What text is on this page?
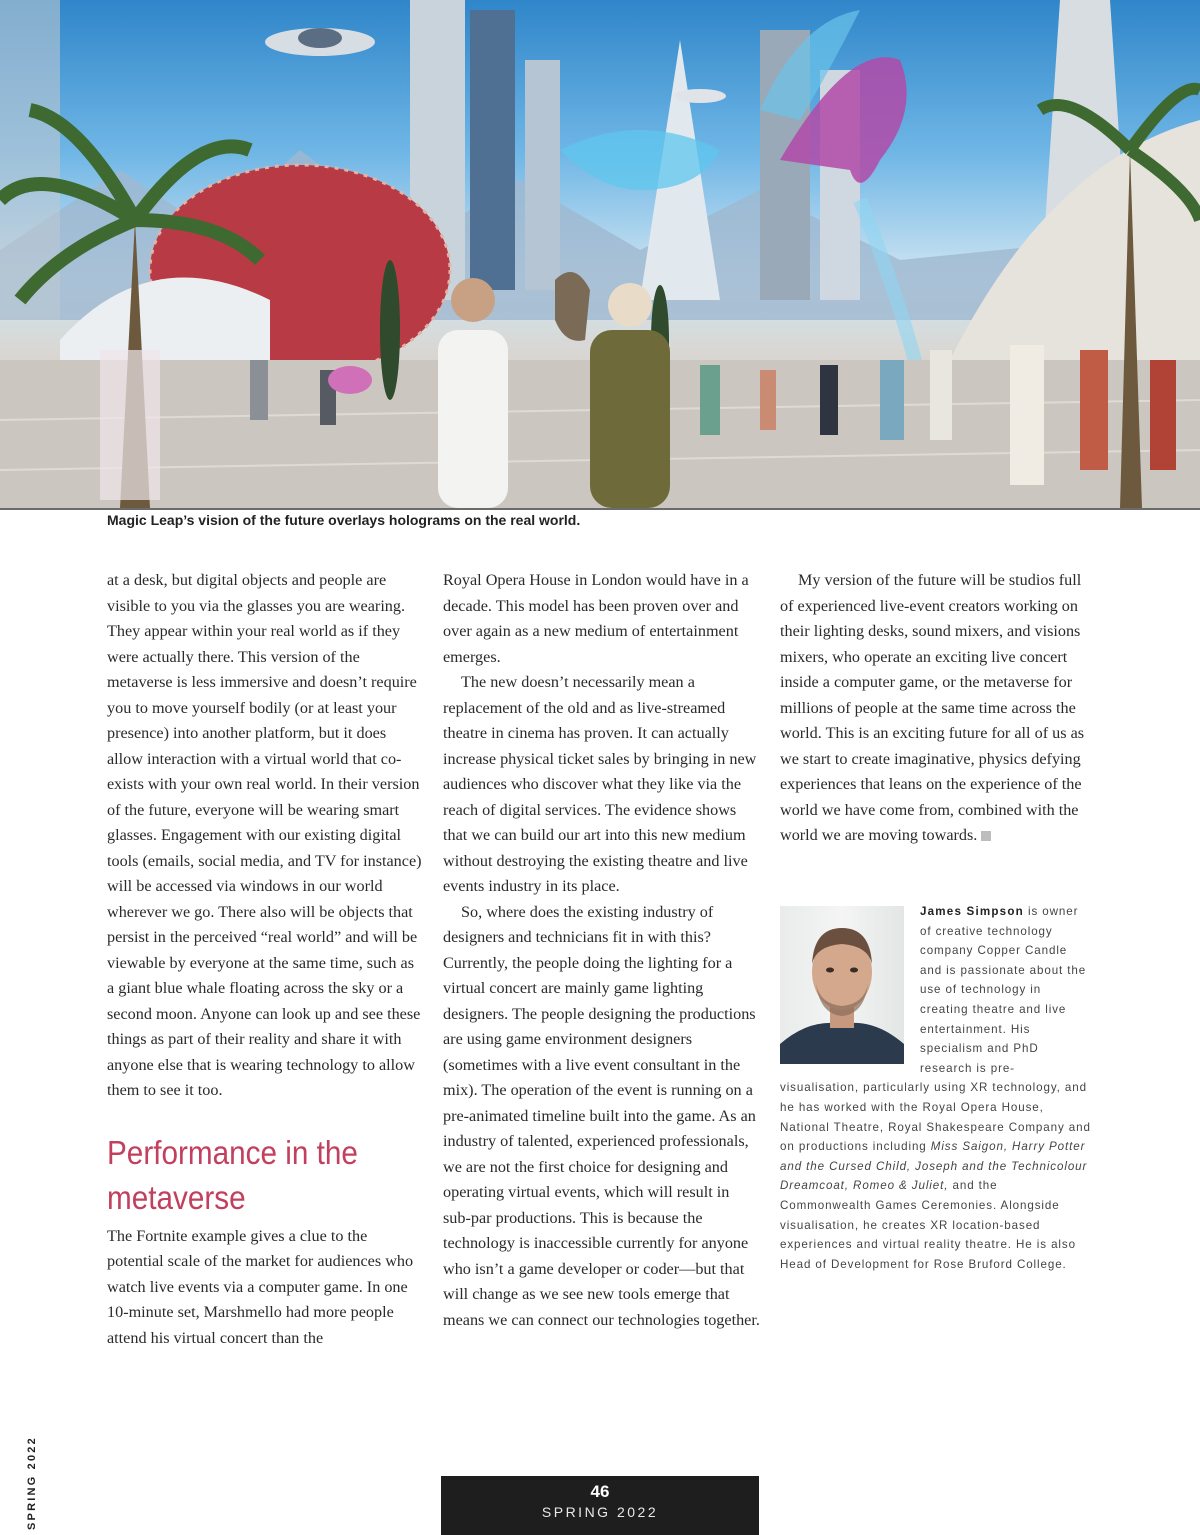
Magic Leap’s vision of the future overlays holograms on the real world.

at a desk, but digital objects and people are visible to you via the glasses you are wearing. They appear within your real world as if they were actually there. This version of the metaverse is less immersive and doesn’t require you to move yourself bodily (or at least your presence) into another platform, but it does allow interaction with a virtual world that co-exists with your own real world. In their version of the future, everyone will be wearing smart glasses. Engagement with our existing digital tools (emails, social media, and TV for instance) will be accessed via windows in our world wherever we go. There also will be objects that persist in the perceived “real world” and will be viewable by everyone at the same time, such as a giant blue whale floating across the sky or a second moon. Anyone can look up and see these things as part of their reality and share it with anyone else that is wearing technology to allow them to see it too.

Performance in the metaverse

The Fortnite example gives a clue to the potential scale of the market for audiences who watch live events via a computer game. In one 10-minute set, Marshmello had more people attend his virtual concert than the

Royal Opera House in London would have in a decade. This model has been proven over and over again as a new medium of entertainment emerges.

The new doesn’t necessarily mean a replacement of the old and as live-streamed theatre in cinema has proven. It can actually increase physical ticket sales by bringing in new audiences who discover what they like via the reach of digital services. The evidence shows that we can build our art into this new medium without destroying the existing theatre and live events industry in its place.

So, where does the existing industry of designers and technicians fit in with this? Currently, the people doing the lighting for a virtual concert are mainly game lighting designers. The people designing the productions are using game environment designers (sometimes with a live event consultant in the mix). The operation of the event is running on a pre-animated timeline built into the game. As an industry of talented, experienced professionals, we are not the first choice for designing and operating virtual events, which will result in sub-par productions. This is because the technology is inaccessible currently for anyone who isn’t a game developer or coder—but that will change as we see new tools emerge that means we can connect our technologies together.

My version of the future will be studios full of experienced live-event creators working on their lighting desks, sound mixers, and visions mixers, who operate an exciting live concert inside a computer game, or the metaverse for millions of people at the same time across the world. This is an exciting future for all of us as we start to create imaginative, physics defying experiences that leans on the experience of the world we have come from, combined with the world we are moving towards.

James Simpson is owner of creative technology company Copper Candle and is passionate about the use of technology in creating theatre and live entertainment. His specialism and PhD research is pre-visualisation, particularly using XR technology, and he has worked with the Royal Opera House, National Theatre, Royal Shakespeare Company and on productions including Miss Saigon, Harry Potter and the Cursed Child, Joseph and the Technicolour Dreamcoat, Romeo & Juliet, and the Commonwealth Games Ceremonies. Alongside visualisation, he creates XR location-based experiences and virtual reality theatre. He is also Head of Development for Rose Bruford College.
SPRING 2022	46
SPRING 2022
